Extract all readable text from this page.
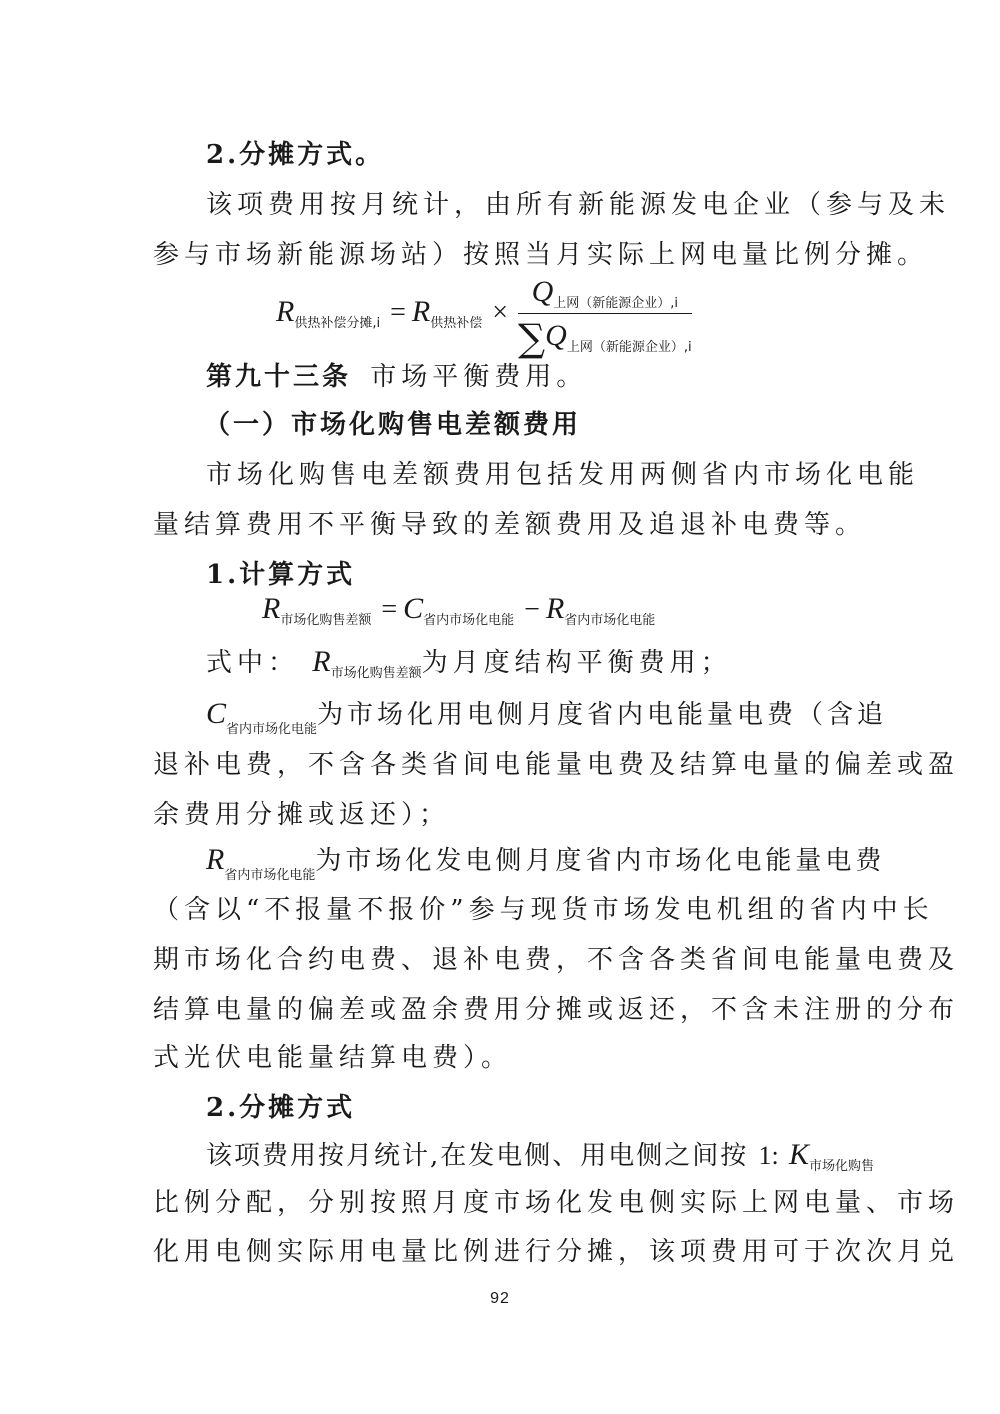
2.分摊方式。
该项费用按月统计，由所有新能源发电企业（参与及未
参与市场新能源场站）按照当月实际上网电量比例分摊。
$R_{供热补偿分摊,i} = R_{供热补偿} \times \frac{Q_{上网(新能源企业),i}}{\sum Q_{上网(新能源企业),i}}$
第九十三条 市场平衡费用。
（一）市场化购售电差额费用
市场化购售电差额费用包括发用两侧省内市场化电能
量结算费用不平衡导致的差额费用及追退补电费等。
1.计算方式
$R_{市场化购售差额} = C_{省内市场化电能} - R_{省内市场化电能}$
式中： $R_{市场化购售差额}$为月度结构平衡费用；
$C_{省内市场化电能}$为市场化用电侧月度省内电能量电费（含追
退补电费，不含各类省间电能量电费及结算电量的偏差或盈
余费用分摊或返还）；
$R_{省内市场化电能}$为市场化发电侧月度省内市场化电能量电费
（含以“不报量不报价”参与现货市场发电机组的省内中长
期市场化合约电费、退补电费，不含各类省间电能量电费及
结算电量的偏差或盈余费用分摊或返还，不含未注册的分布
式光伏电能量结算电费）。
2.分摊方式
该项费用按月统计,在发电侧、用电侧之间按 1: $K_{市场化购售}$
比例分配，分别按照月度市场化发电侧实际上网电量、市场
化用电侧实际用电量比例进行分摊，该项费用可于次次月兑
92
